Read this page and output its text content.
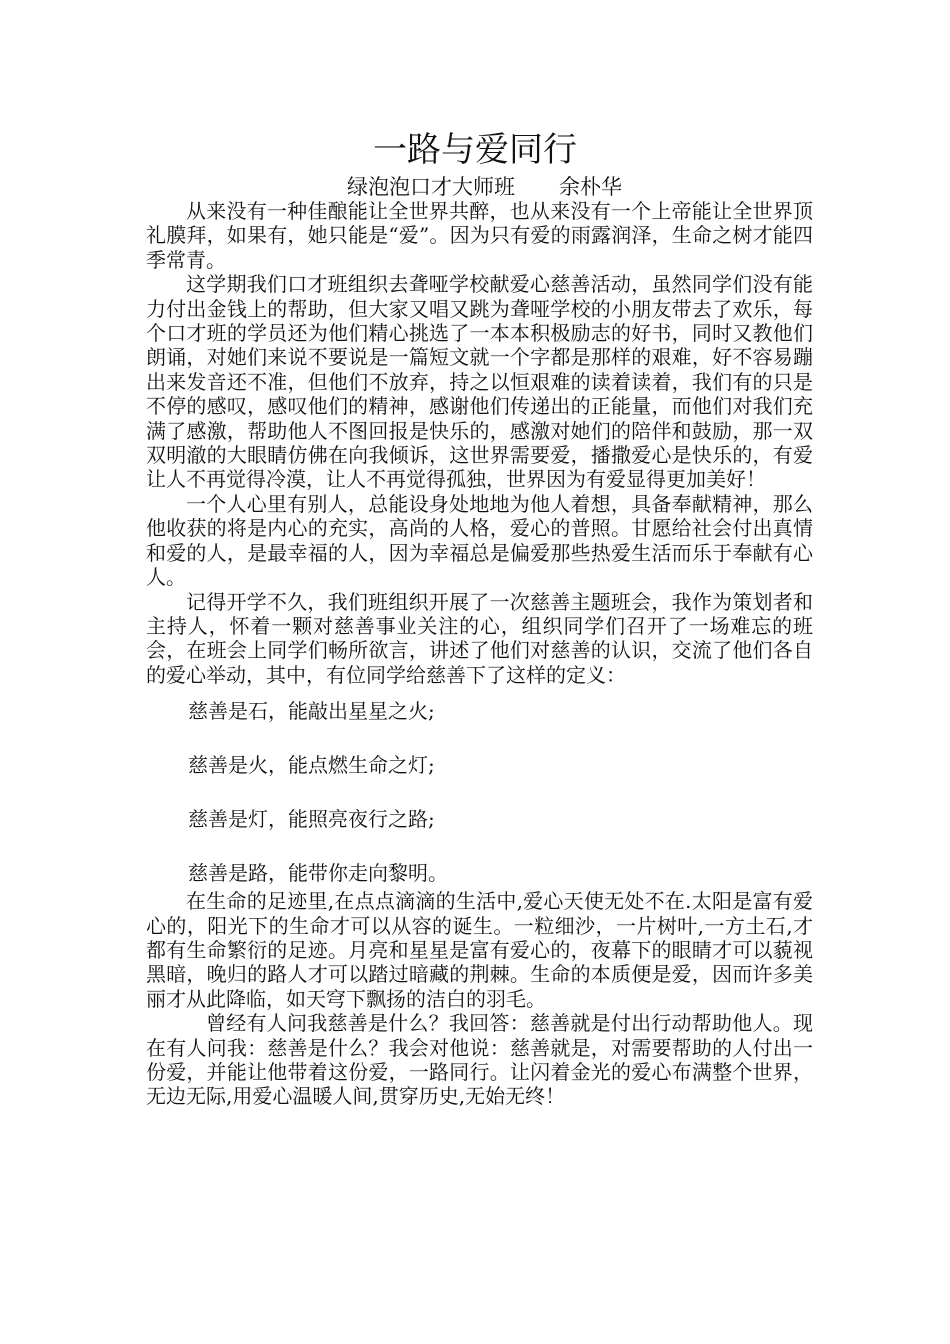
一路与爱同行
绿泡泡口才大师班 余朴华

从来没有一种佳酿能让全世界共醉，也从来没有一个上帝能让全世界顶礼膜拜，如果有，她只能是“爱”。因为只有爱的雨露润泽，生命之树才能四季常青。

这学期我们口才班组织去聋哑学校献爱心慈善活动，虽然同学们没有能力付出金钱上的帮助，但大家又唱又跳为聋哑学校的小朋友带去了欢乐，每个口才班的学员还为他们精心挑选了一本本积极励志的好书，同时又教他们朗诵，对她们来说不要说是一篇短文就一个字都是那样的艰难，好不容易蹦出来发音还不准，但他们不放弃，持之以恒艰难的读着读着，我们有的只是不停的感叹，感叹他们的精神，感谢他们传递出的正能量，而他们对我们充满了感激，帮助他人不图回报是快乐的，感激对她们的陪伴和鼓励，那一双双明澈的大眼睛仿佛在向我倾诉，这世界需要爱，播撒爱心是快乐的，有爱让人不再觉得冷漠，让人不再觉得孤独，世界因为有爱显得更加美好！

一个人心里有别人，总能设身处地地为他人着想，具备奉献精神，那么他收获的将是内心的充实，高尚的人格，爱心的普照。甘愿给社会付出真情和爱的人，是最幸福的人，因为幸福总是偏爱那些热爱生活而乐于奉献有心人。

记得开学不久，我们班组织开展了一次慈善主题班会，我作为策划者和主持人，怀着一颗对慈善事业关注的心，组织同学们召开了一场难忘的班会，在班会上同学们畅所欲言，讲述了他们对慈善的认识，交流了他们各自的爱心举动，其中，有位同学给慈善下了这样的定义：

慈善是石，能敲出星星之火;
慈善是火，能点燃生命之灯;
慈善是灯，能照亮夜行之路;
慈善是路，能带你走向黎明。

在生命的足迹里,在点点滴滴的生活中,爱心天使无处不在.太阳是富有爱心的，阳光下的生命才可以从容的诞生。一粒细沙，一片树叶,一方土石,才都有生命繁衍的足迹。月亮和星星是富有爱心的，夜幕下的眼睛才可以藐视黑暗，晚归的路人才可以踏过暗藏的荆棘。生命的本质便是爱，因而许多美丽才从此降临，如天穹下飘扬的洁白的羽毛。

曾经有人问我慈善是什么？我回答：慈善就是付出行动帮助他人。现在有人问我：慈善是什么？我会对他说：慈善就是，对需要帮助的人付出一份爱，并能让他带着这份爱，一路同行。让闪着金光的爱心布满整个世界，无边无际,用爱心温暖人间,贯穿历史,无始无终！
